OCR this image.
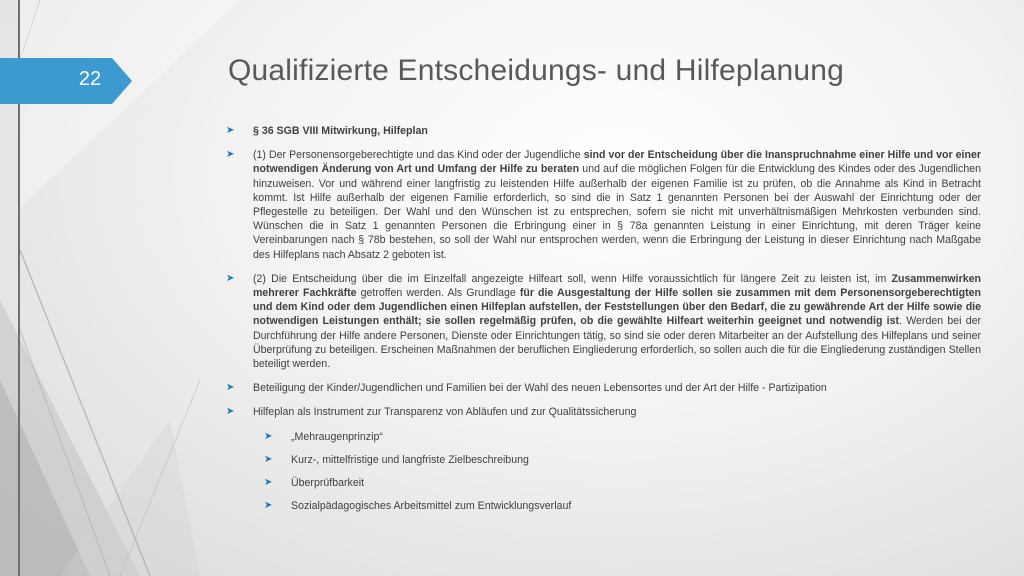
22	Qualifizierte Entscheidungs- und Hilfeplanung
➤ § 36 SGB VIII Mitwirkung, Hilfeplan
➤ (1) Der Personensorgeberechtigte und das Kind oder der Jugendliche sind vor der Entscheidung über die Inanspruchnahme einer Hilfe und vor einer notwendigen Änderung von Art und Umfang der Hilfe zu beraten und auf die möglichen Folgen für die Entwicklung des Kindes oder des Jugendlichen hinzuweisen. Vor und während einer langfristig zu leistenden Hilfe außerhalb der eigenen Familie ist zu prüfen, ob die Annahme als Kind in Betracht kommt. Ist Hilfe außerhalb der eigenen Familie erforderlich, so sind die in Satz 1 genannten Personen bei der Auswahl der Einrichtung oder der Pflegestelle zu beteiligen. Der Wahl und den Wünschen ist zu entsprechen, sofern sie nicht mit unverhältnismäßigen Mehrkosten verbunden sind. Wünschen die in Satz 1 genannten Personen die Erbringung einer in § 78a genannten Leistung in einer Einrichtung, mit deren Träger keine Vereinbarungen nach § 78b bestehen, so soll der Wahl nur entsprochen werden, wenn die Erbringung der Leistung in dieser Einrichtung nach Maßgabe des Hilfeplans nach Absatz 2 geboten ist.
➤ (2) Die Entscheidung über die im Einzelfall angezeigte Hilfeart soll, wenn Hilfe voraussichtlich für längere Zeit zu leisten ist, im Zusammenwirken mehrerer Fachkräfte getroffen werden. Als Grundlage für die Ausgestaltung der Hilfe sollen sie zusammen mit dem Personensorgeberechtigten und dem Kind oder dem Jugendlichen einen Hilfeplan aufstellen, der Feststellungen über den Bedarf, die zu gewährende Art der Hilfe sowie die notwendigen Leistungen enthält; sie sollen regelmäßig prüfen, ob die gewählte Hilfeart weiterhin geeignet und notwendig ist. Werden bei der Durchführung der Hilfe andere Personen, Dienste oder Einrichtungen tätig, so sind sie oder deren Mitarbeiter an der Aufstellung des Hilfeplans und seiner Überprüfung zu beteiligen. Erscheinen Maßnahmen der beruflichen Eingliederung erforderlich, so sollen auch die für die Eingliederung zuständigen Stellen beteiligt werden.
➤ Beteiligung der Kinder/Jugendlichen und Familien bei der Wahl des neuen Lebensortes und der Art der Hilfe - Partizipation
➤ Hilfeplan als Instrument zur Transparenz von Abläufen und zur Qualitätssicherung
➤ „Mehraugenprinzip“
➤ Kurz-, mittelfristige und langfriste Zielbeschreibung
➤ Überprüfbarkeit
➤ Sozialpädagogisches Arbeitsmittel zum Entwicklungsverlauf
